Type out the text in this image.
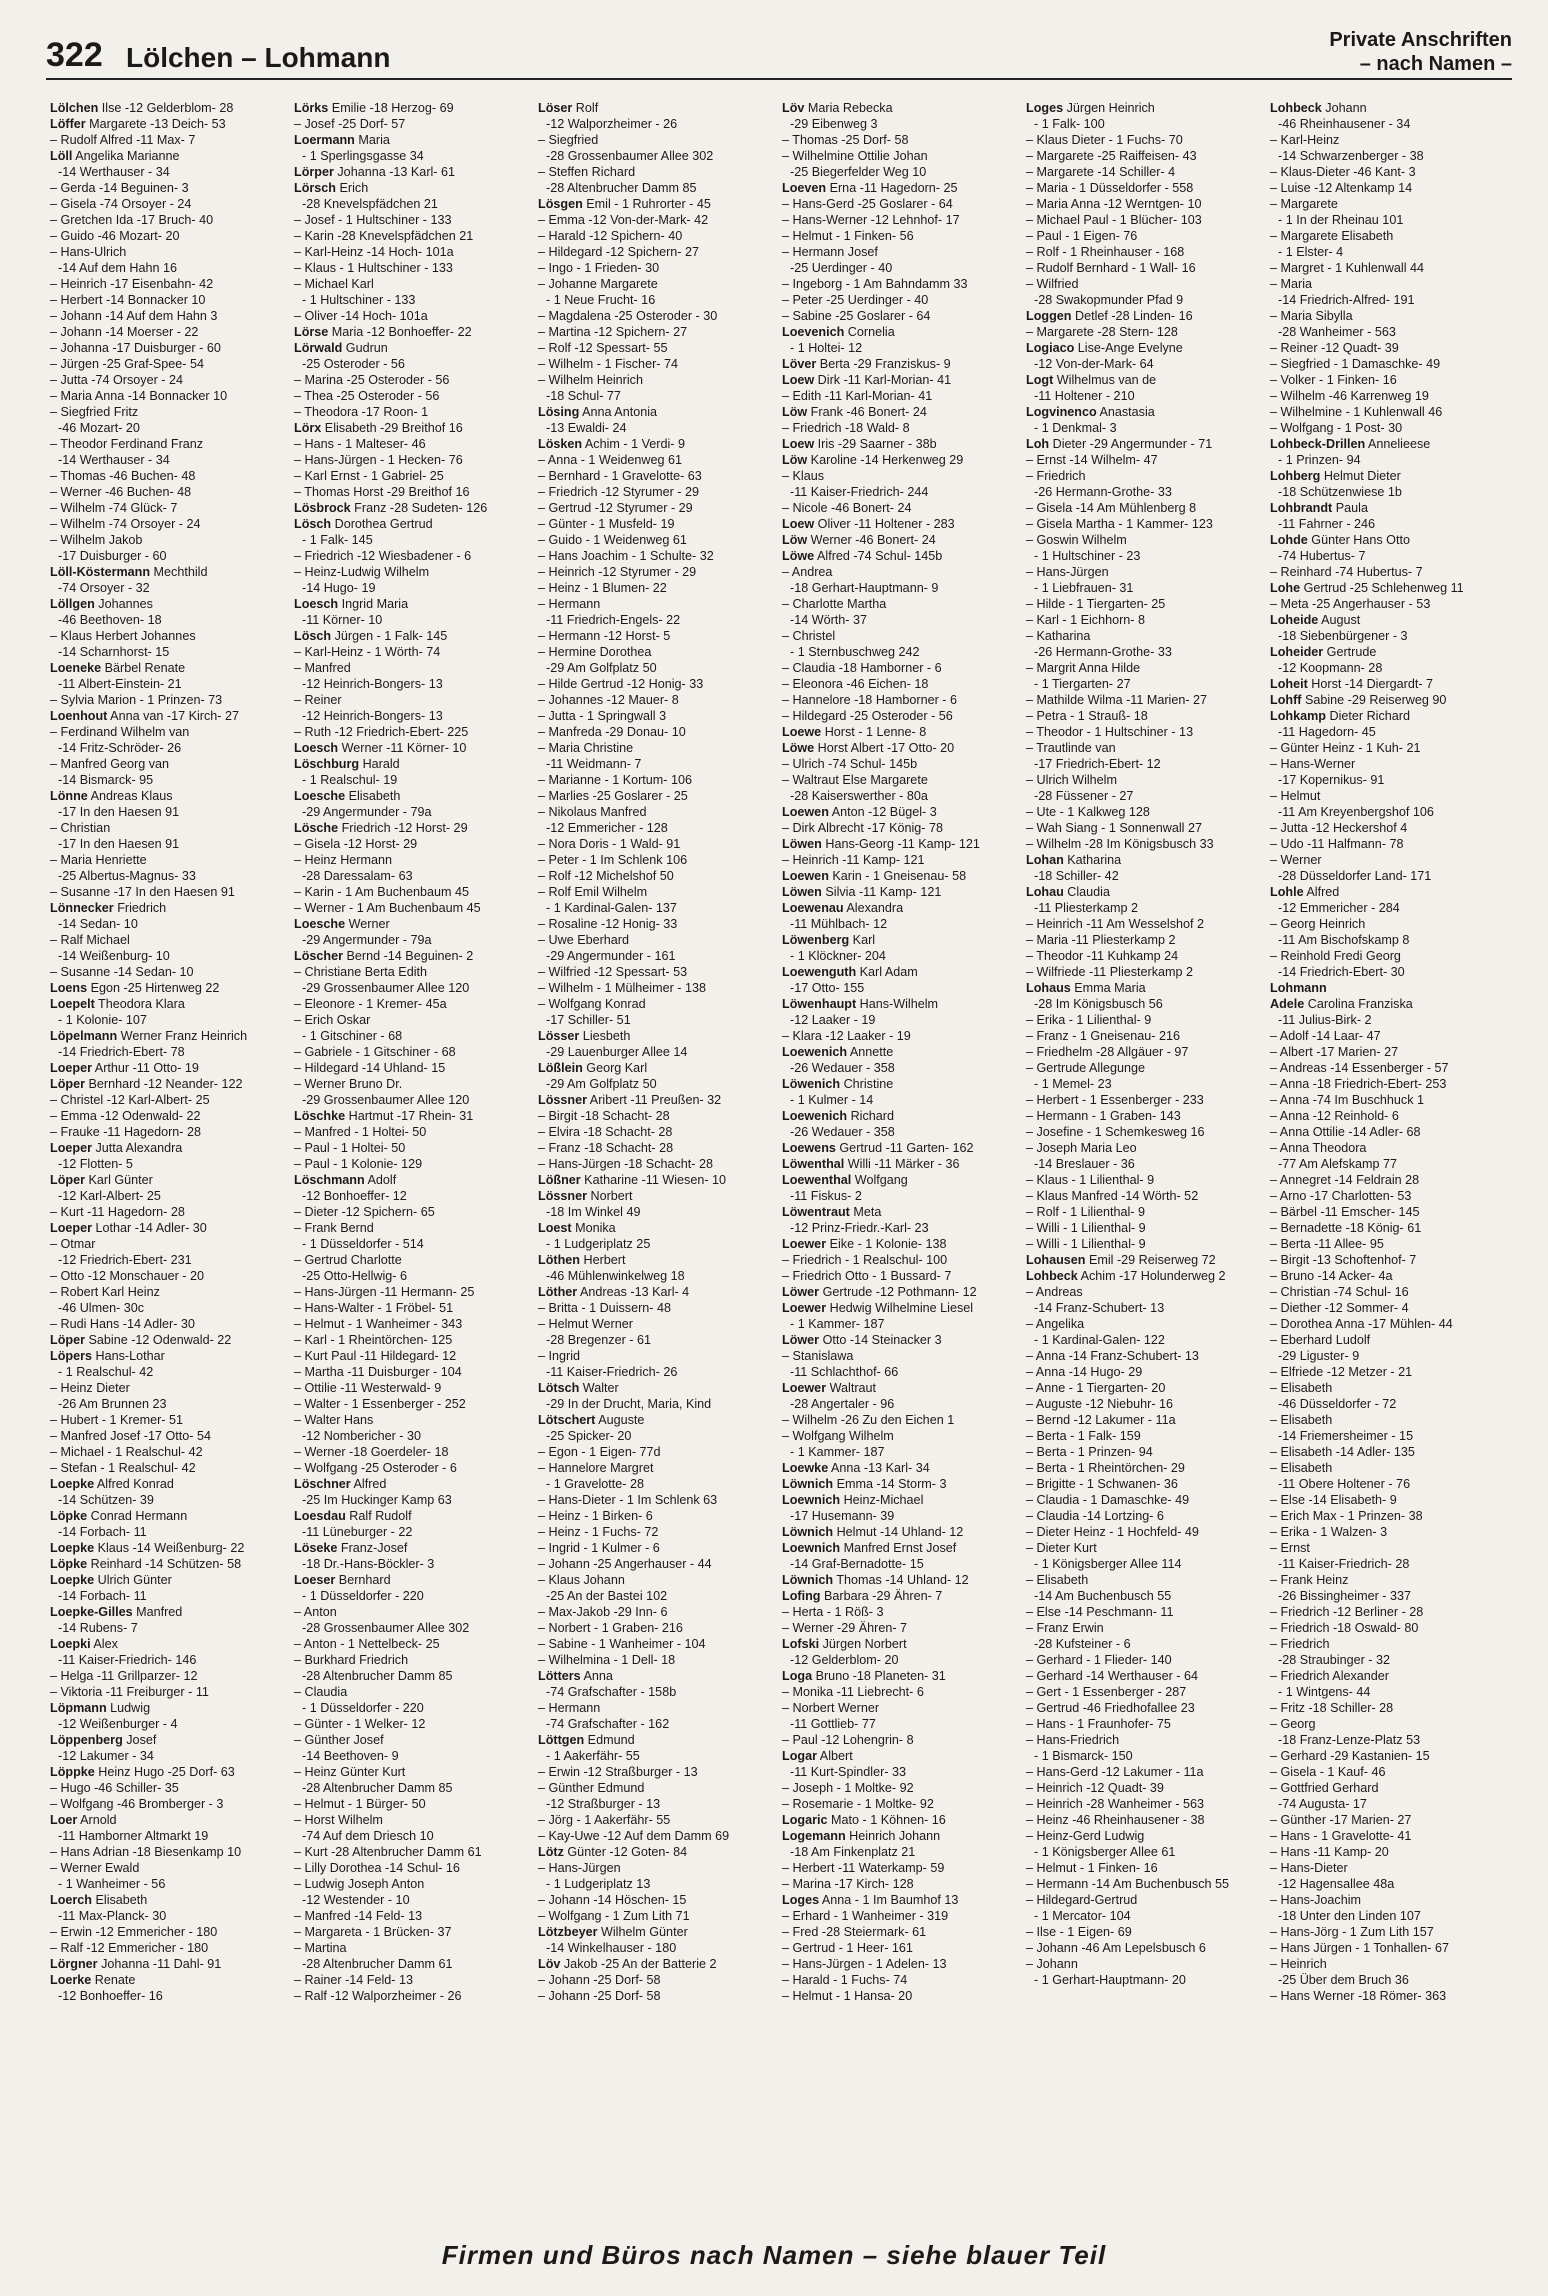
322 Lölchen – Lohmann
Private Anschriften
– nach Namen –
Lölchen Ilse -12 Gelderblom- 28
Löffer Margarete -13 Deich- 53
– Rudolf Alfred -11 Max- 7
Löll Angelika Marianne
-14 Werthauser - 34
– Gerda -14 Beguinen- 3
– Gisela -74 Orsoyer - 24
– Gretchen Ida -17 Bruch- 40
– Guido -46 Mozart- 20
– Hans-Ulrich
-14 Auf dem Hahn 16
– Heinrich -17 Eisenbahn- 42
– Herbert -14 Bonnacker 10
– Johann -14 Auf dem Hahn 3
– Johann -14 Moerser - 22
– Johanna -17 Duisburger - 60
– Jürgen -25 Graf-Spee- 54
– Jutta -74 Orsoyer - 24
– Maria Anna -14 Bonnacker 10
– Siegfried Fritz
-46 Mozart- 20
– Theodor Ferdinand Franz
-14 Werthauser - 34
– Thomas -46 Buchen- 48
– Werner -46 Buchen- 48
– Wilhelm -74 Glück- 7
– Wilhelm -74 Orsoyer - 24
– Wilhelm Jakob
-17 Duisburger - 60
Löll-Köstermann Mechthild
-74 Orsoyer - 32
Löllgen Johannes
-46 Beethoven- 18
– Klaus Herbert Johannes
-14 Scharnhorst- 15
Loeneke Bärbel Renate
-11 Albert-Einstein- 21
– Sylvia Marion - 1 Prinzen- 73
Loenhout Anna van -17 Kirch- 27
– Ferdinand Wilhelm van
-14 Fritz-Schröder- 26
– Manfred Georg van
-14 Bismarck- 95
Lönne Andreas Klaus
-17 In den Haesen 91
– Christian
-17 In den Haesen 91
– Maria Henriette
-25 Albertus-Magnus- 33
– Susanne -17 In den Haesen 91
Lönnecker Friedrich
-14 Sedan- 10
– Ralf Michael
-14 Weißenburg- 10
– Susanne -14 Sedan- 10
Loens Egon -25 Hirtenweg 22
Loepelt Theodora Klara
- 1 Kolonie- 107
Löpelmann Werner Franz Heinrich
-14 Friedrich-Ebert- 78
Loeper Arthur -11 Otto- 19
Löper Bernhard -12 Neander- 122
– Christel -12 Karl-Albert- 25
– Emma -12 Odenwald- 22
– Frauke -11 Hagedorn- 28
Loeper Jutta Alexandra
-12 Flotten- 5
Löper Karl Günter
-12 Karl-Albert- 25
– Kurt -11 Hagedorn- 28
Loeper Lothar -14 Adler- 30
– Otmar
-12 Friedrich-Ebert- 231
– Otto -12 Monschauer - 20
– Robert Karl Heinz
-46 Ulmen- 30c
– Rudi Hans -14 Adler- 30
Löper Sabine -12 Odenwald- 22
Löpers Hans-Lothar
- 1 Realschul- 42
– Heinz Dieter
-26 Am Brunnen 23
– Hubert - 1 Kremer- 51
– Manfred Josef -17 Otto- 54
– Michael - 1 Realschul- 42
– Stefan - 1 Realschul- 42
Loepke Alfred Konrad
-14 Schützen- 39
Löpke Conrad Hermann
-14 Forbach- 11
Loepke Klaus -14 Weißenburg- 22
Löpke Reinhard -14 Schützen- 58
Loepke Ulrich Günter
-14 Forbach- 11
Loepke-Gilles Manfred
-14 Rubens- 7
Loepki Alex
-11 Kaiser-Friedrich- 146
– Helga -11 Grillparzer- 12
– Viktoria -11 Freiburger - 11
Löpmann Ludwig
-12 Weißenburger - 4
Löppenberg Josef
-12 Lakumer - 34
Löppke Heinz Hugo -25 Dorf- 63
– Hugo -46 Schiller- 35
– Wolfgang -46 Bromberger - 3
Loer Arnold
-11 Hamborner Altmarkt 19
– Hans Adrian -18 Biesenkamp 10
– Werner Ewald
- 1 Wanheimer - 56
Loerch Elisabeth
-11 Max-Planck- 30
– Erwin -12 Emmericher - 180
– Ralf -12 Emmericher - 180
Lörgner Johanna -11 Dahl- 91
Loerke Renate
-12 Bonhoeffer- 16
Lörks Emilie -18 Herzog- 69
– Josef -25 Dorf- 57
Loermann Maria
- 1 Sperlingsgasse 34
Lörper Johanna -13 Karl- 61
Lörsch Erich
-28 Knevelspfädchen 21
– Josef - 1 Hultschiner - 133
– Karin -28 Knevelspfädchen 21
– Karl-Heinz -14 Hoch- 101a
– Klaus - 1 Hultschiner - 133
– Michael Karl
- 1 Hultschiner - 133
– Oliver -14 Hoch- 101a
Lörse Maria -12 Bonhoeffer- 22
Lörwald Gudrun
-25 Osteroder - 56
– Marina -25 Osteroder - 56
– Thea -25 Osteroder - 56
– Theodora -17 Roon- 1
Lörx Elisabeth -29 Breithof 16
– Hans - 1 Malteser- 46
– Hans-Jürgen - 1 Hecken- 76
– Karl Ernst - 1 Gabriel- 25
– Thomas Horst -29 Breithof 16
Lösbrock Franz -28 Sudeten- 126
Lösch Dorothea Gertrud
- 1 Falk- 145
– Friedrich -12 Wiesbadener - 6
– Heinz-Ludwig Wilhelm
-14 Hugo- 19
Loesch Ingrid Maria
-11 Körner- 10
Lösch Jürgen - 1 Falk- 145
– Karl-Heinz - 1 Wörth- 74
– Manfred
-12 Heinrich-Bongers- 13
– Reiner
-12 Heinrich-Bongers- 13
– Ruth -12 Friedrich-Ebert- 225
Loesch Werner -11 Körner- 10
Löschburg Harald
- 1 Realschul- 19
Loesche Elisabeth
-29 Angermunder - 79a
Lösche Friedrich -12 Horst- 29
– Gisela -12 Horst- 29
– Heinz Hermann
-28 Daressalam- 63
– Karin - 1 Am Buchenbaum 45
– Werner - 1 Am Buchenbaum 45
Loesche Werner
-29 Angermunder - 79a
Löscher Bernd -14 Beguinen- 2
– Christiane Berta Edith
-29 Grossenbaumer Allee 120
– Eleonore - 1 Kremer- 45a
– Erich Oskar
- 1 Gitschiner - 68
– Gabriele - 1 Gitschiner - 68
– Hildegard -14 Uhland- 15
– Werner Bruno Dr.
-29 Grossenbaumer Allee 120
Löschke Hartmut -17 Rhein- 31
– Manfred - 1 Holtei- 50
– Paul - 1 Holtei- 50
– Paul - 1 Kolonie- 129
Löschmann Adolf
-12 Bonhoeffer- 12
– Dieter -12 Spichern- 65
– Frank Bernd
- 1 Düsseldorfer - 514
– Gertrud Charlotte
-25 Otto-Hellwig- 6
– Hans-Jürgen -11 Hermann- 25
– Hans-Walter - 1 Fröbel- 51
– Helmut - 1 Wanheimer - 343
– Karl - 1 Rheintörchen- 125
– Kurt Paul -11 Hildegard- 12
– Martha -11 Duisburger - 104
– Ottilie -11 Westerwald- 9
– Walter - 1 Essenberger - 252
– Walter Hans
-12 Nombericher - 30
– Werner -18 Goerdeler- 18
– Wolfgang -25 Osteroder - 6
Löschner Alfred
-25 Im Huckinger Kamp 63
Loesdau Ralf Rudolf
-11 Lüneburger - 22
Löseke Franz-Josef
-18 Dr.-Hans-Böckler- 3
Loeser Bernhard
- 1 Düsseldorfer - 220
– Anton
-28 Grossenbaumer Allee 302
– Anton - 1 Nettelbeck- 25
– Burkhard Friedrich
-28 Altenbrucher Damm 85
– Claudia
- 1 Düsseldorfer - 220
– Günter - 1 Welker- 12
– Günther Josef
-14 Beethoven- 9
– Heinz Günter Kurt
-28 Altenbrucher Damm 85
– Helmut - 1 Bürger- 50
– Horst Wilhelm
-74 Auf dem Driesch 10
– Kurt -28 Altenbrucher Damm 61
– Lilly Dorothea -14 Schul- 16
– Ludwig Joseph Anton
-12 Westender - 10
– Manfred -14 Feld- 13
– Margareta - 1 Brücken- 37
– Martina
-28 Altenbrucher Damm 61
– Rainer -14 Feld- 13
– Ralf -12 Walporzheimer - 26
Löser Rolf
-12 Walporzheimer - 26
– Siegfried
-28 Grossenbaumer Allee 302
– Steffen Richard
-28 Altenbrucher Damm 85
Lösgen Emil - 1 Ruhrorter - 45
– Emma -12 Von-der-Mark- 42
– Harald -12 Spichern- 40
– Hildegard -12 Spichern- 27
– Ingo - 1 Frieden- 30
– Johanne Margarete
- 1 Neue Frucht- 16
– Magdalena -25 Osteroder - 30
– Martina -12 Spichern- 27
– Rolf -12 Spessart- 55
– Wilhelm - 1 Fischer- 74
– Wilhelm Heinrich
-18 Schul- 77
Lösing Anna Antonia
-13 Ewaldi- 24
Lösken Achim - 1 Verdi- 9
– Anna - 1 Weidenweg 61
– Bernhard - 1 Gravelotte- 63
– Friedrich -12 Styrumer - 29
– Gertrud -12 Styrumer - 29
– Günter - 1 Musfeld- 19
– Guido - 1 Weidenweg 61
– Hans Joachim - 1 Schulte- 32
– Heinrich -12 Styrumer - 29
– Heinz - 1 Blumen- 22
– Hermann
-11 Friedrich-Engels- 22
– Hermann -12 Horst- 5
– Hermine Dorothea
-29 Am Golfplatz 50
– Hilde Gertrud -12 Honig- 33
– Johannes -12 Mauer- 8
– Jutta - 1 Springwall 3
– Manfreda -29 Donau- 10
– Maria Christine
-11 Weidmann- 7
– Marianne - 1 Kortum- 106
– Marlies -25 Goslarer - 25
– Nikolaus Manfred
-12 Emmericher - 128
– Nora Doris - 1 Wald- 91
– Peter - 1 Im Schlenk 106
– Rolf -12 Michelshof 50
– Rolf Emil Wilhelm
- 1 Kardinal-Galen- 137
– Rosaline -12 Honig- 33
– Uwe Eberhard
-29 Angermunder - 161
– Wilfried -12 Spessart- 53
– Wilhelm - 1 Mülheimer - 138
– Wolfgang Konrad
-17 Schiller- 51
Lösser Liesbeth
-29 Lauenburger Allee 14
Lößlein Georg Karl
-29 Am Golfplatz 50
Lössner Aribert -11 Preußen- 32
– Birgit -18 Schacht- 28
– Elvira -18 Schacht- 28
– Franz -18 Schacht- 28
– Hans-Jürgen -18 Schacht- 28
Lößner Katharine -11 Wiesen- 10
Lössner Norbert
-18 Im Winkel 49
Loest Monika
- 1 Ludgeriplatz 25
Löthen Herbert
-46 Mühlenwinkelweg 18
Löther Andreas -13 Karl- 4
– Britta - 1 Duissern- 48
– Helmut Werner
-28 Bregenzer - 61
– Ingrid
-11 Kaiser-Friedrich- 26
Lötsch Walter
-29 In der Drucht, Maria, Kind
Lötschert Auguste
-25 Spicker- 20
– Egon - 1 Eigen- 77d
– Hannelore Margret
- 1 Gravelotte- 28
– Hans-Dieter - 1 Im Schlenk 63
– Heinz - 1 Birken- 6
– Heinz - 1 Fuchs- 72
– Ingrid - 1 Kulmer - 6
– Johann -25 Angerhauser - 44
– Klaus Johann
-25 An der Bastei 102
– Max-Jakob -29 Inn- 6
– Norbert - 1 Graben- 216
– Sabine - 1 Wanheimer - 104
– Wilhelmina - 1 Dell- 18
Lötters Anna
-74 Grafschafter - 158b
– Hermann
-74 Grafschafter - 162
Löttgen Edmund
- 1 Aakerfähr- 55
– Erwin -12 Straßburger - 13
– Günther Edmund
-12 Straßburger - 13
– Jörg - 1 Aakerfähr- 55
– Kay-Uwe -12 Auf dem Damm 69
Lötz Günter -12 Goten- 84
– Hans-Jürgen
- 1 Ludgeriplatz 13
– Johann -14 Höschen- 15
– Wolfgang - 1 Zum Lith 71
Lötzbeyer Wilhelm Günter
-14 Winkelhauser - 180
Löv Jakob -25 An der Batterie 2
– Johann -25 Dorf- 58
– Johann -25 Dorf- 58
Löv Maria Rebecka
-29 Eibenweg 3
– Thomas -25 Dorf- 58
– Wilhelmine Ottilie Johan
-25 Biegerfelder Weg 10
Loeven Erna -11 Hagedorn- 25
– Hans-Gerd -25 Goslarer - 64
– Hans-Werner -12 Lehnhof- 17
– Helmut - 1 Finken- 56
– Hermann Josef
-25 Uerdinger - 40
– Ingeborg - 1 Am Bahndamm 33
– Peter -25 Uerdinger - 40
– Sabine -25 Goslarer - 64
Loevenich Cornelia
- 1 Holtei- 12
Löver Berta -29 Franziskus- 9
Loew Dirk -11 Karl-Morian- 41
– Edith -11 Karl-Morian- 41
Löw Frank -46 Bonert- 24
– Friedrich -18 Wald- 8
Loew Iris -29 Saarner - 38b
Löw Karoline -14 Herkenweg 29
– Klaus
-11 Kaiser-Friedrich- 244
– Nicole -46 Bonert- 24
Loew Oliver -11 Holtener - 283
Löw Werner -46 Bonert- 24
Löwe Alfred -74 Schul- 145b
– Andrea
-18 Gerhart-Hauptmann- 9
– Charlotte Martha
-14 Wörth- 37
– Christel
- 1 Sternbuschweg 242
– Claudia -18 Hamborner - 6
– Eleonora -46 Eichen- 18
– Hannelore -18 Hamborner - 6
– Hildegard -25 Osteroder - 56
Loewe Horst - 1 Lenne- 8
Löwe Horst Albert -17 Otto- 20
– Ulrich -74 Schul- 145b
– Waltraut Else Margarete
-28 Kaiserswerther - 80a
Loewen Anton -12 Bügel- 3
– Dirk Albrecht -17 König- 78
Löwen Hans-Georg -11 Kamp- 121
– Heinrich -11 Kamp- 121
Loewen Karin - 1 Gneisenau- 58
Löwen Silvia -11 Kamp- 121
Loewenau Alexandra
-11 Mühlbach- 12
Löwenberg Karl
- 1 Klöckner- 204
Loewenguth Karl Adam
-17 Otto- 155
Löwenhaupt Hans-Wilhelm
-12 Laaker - 19
– Klara -12 Laaker - 19
Loewenich Annette
-26 Wedauer - 358
Löwenich Christine
- 1 Kulmer - 14
Loewenich Richard
-26 Wedauer - 358
Loewens Gertrud -11 Garten- 162
Löwenthal Willi -11 Märker - 36
Loewenthal Wolfgang
-11 Fiskus- 2
Löwentraut Meta
-12 Prinz-Friedr.-Karl- 23
Loewer Eike - 1 Kolonie- 138
– Friedrich - 1 Realschul- 100
– Friedrich Otto - 1 Bussard- 7
Löwer Gertrude -12 Pothmann- 12
Loewer Hedwig Wilhelmine Liesel
- 1 Kammer- 187
Löwer Otto -14 Steinacker 3
– Stanislawa
-11 Schlachthof- 66
Loewer Waltraut
-28 Angertaler - 96
– Wilhelm -26 Zu den Eichen 1
– Wolfgang Wilhelm
- 1 Kammer- 187
Loewke Anna -13 Karl- 34
Löwnich Emma -14 Storm- 3
Loewnich Heinz-Michael
-17 Husemann- 39
Löwnich Helmut -14 Uhland- 12
Loewnich Manfred Ernst Josef
-14 Graf-Bernadotte- 15
Löwnich Thomas -14 Uhland- 12
Lofing Barbara -29 Ähren- 7
– Herta - 1 Röß- 3
– Werner -29 Ähren- 7
Lofski Jürgen Norbert
-12 Gelderblom- 20
Loga Bruno -18 Planeten- 31
– Monika -11 Liebrecht- 6
– Norbert Werner
-11 Gottlieb- 77
– Paul -12 Lohengrin- 8
Logar Albert
-11 Kurt-Spindler- 33
– Joseph - 1 Moltke- 92
– Rosemarie - 1 Moltke- 92
Logaric Mato - 1 Köhnen- 16
Logemann Heinrich Johann
-18 Am Finkenplatz 21
– Herbert -11 Waterkamp- 59
– Marina -17 Kirch- 128
Loges Anna - 1 Im Baumhof 13
– Erhard - 1 Wanheimer - 319
– Fred -28 Steiermark- 61
– Gertrud - 1 Heer- 161
– Hans-Jürgen - 1 Adelen- 13
– Harald - 1 Fuchs- 74
– Helmut - 1 Hansa- 20
Loges Jürgen Heinrich
- 1 Falk- 100
– Klaus Dieter - 1 Fuchs- 70
– Margarete -25 Raiffeisen- 43
– Margarete -14 Schiller- 4
– Maria - 1 Düsseldorfer - 558
– Maria Anna -12 Werntgen- 10
– Michael Paul - 1 Blücher- 103
– Paul - 1 Eigen- 76
– Rolf - 1 Rheinhauser - 168
– Rudolf Bernhard - 1 Wall- 16
– Wilfried
-28 Swakopmunder Pfad 9
Loggen Detlef -28 Linden- 16
– Margarete -28 Stern- 128
Logiaco Lise-Ange Evelyne
-12 Von-der-Mark- 64
Logt Wilhelmus van de
-11 Holtener - 210
Logvinenco Anastasia
- 1 Denkmal- 3
Loh Dieter -29 Angermunder - 71
– Ernst -14 Wilhelm- 47
– Friedrich
-26 Hermann-Grothe- 33
– Gisela -14 Am Mühlenberg 8
– Gisela Martha - 1 Kammer- 123
– Goswin Wilhelm
- 1 Hultschiner - 23
– Hans-Jürgen
- 1 Liebfrauen- 31
– Hilde - 1 Tiergarten- 25
– Karl - 1 Eichhorn- 8
– Katharina
-26 Hermann-Grothe- 33
– Margrit Anna Hilde
- 1 Tiergarten- 27
– Mathilde Wilma -11 Marien- 27
– Petra - 1 Strauß- 18
– Theodor - 1 Hultschiner - 13
– Trautlinde van
-17 Friedrich-Ebert- 12
– Ulrich Wilhelm
-28 Füssener - 27
– Ute - 1 Kalkweg 128
– Wah Siang - 1 Sonnenwall 27
– Wilhelm -28 Im Königsbusch 33
Lohan Katharina
-18 Schiller- 42
Lohau Claudia
-11 Pliesterkamp 2
– Heinrich -11 Am Wesselshof 2
– Maria -11 Pliesterkamp 2
– Theodor -11 Kuhkamp 24
– Wilfriede -11 Pliesterkamp 2
Lohaus Emma Maria
-28 Im Königsbusch 56
– Erika - 1 Lilienthal- 9
– Franz - 1 Gneisenau- 216
– Friedhelm -28 Allgäuer - 97
– Gertrude Allegunge
- 1 Memel- 23
– Herbert - 1 Essenberger - 233
– Hermann - 1 Graben- 143
– Josefine - 1 Schemkesweg 16
– Joseph Maria Leo
-14 Breslauer - 36
– Klaus - 1 Lilienthal- 9
– Klaus Manfred -14 Wörth- 52
– Rolf - 1 Lilienthal- 9
– Willi - 1 Lilienthal- 9
– Willi - 1 Lilienthal- 9
Lohausen Emil -29 Reiserweg 72
Lohbeck Achim -17 Holunderweg 2
– Andreas
-14 Franz-Schubert- 13
– Angelika
- 1 Kardinal-Galen- 122
– Anna -14 Franz-Schubert- 13
– Anna -14 Hugo- 29
– Anne - 1 Tiergarten- 20
– Auguste -12 Niebuhr- 16
– Bernd -12 Lakumer - 11a
– Berta - 1 Falk- 159
– Berta - 1 Prinzen- 94
– Berta - 1 Rheintörchen- 29
– Brigitte - 1 Schwanen- 36
– Claudia - 1 Damaschke- 49
– Claudia -14 Lortzing- 6
– Dieter Heinz - 1 Hochfeld- 49
– Dieter Kurt
- 1 Königsberger Allee 114
– Elisabeth
-14 Am Buchenbusch 55
– Else -14 Peschmann- 11
– Franz Erwin
-28 Kufsteiner - 6
– Gerhard - 1 Flieder- 140
– Gerhard -14 Werthauser - 64
– Gert - 1 Essenberger - 287
– Gertrud -46 Friedhofallee 23
– Hans - 1 Fraunhofer- 75
– Hans-Friedrich
- 1 Bismarck- 150
– Hans-Gerd -12 Lakumer - 11a
– Heinrich -12 Quadt- 39
– Heinrich -28 Wanheimer - 563
– Heinz -46 Rheinhausener - 38
– Heinz-Gerd Ludwig
- 1 Königsberger Allee 61
– Helmut - 1 Finken- 16
– Hermann -14 Am Buchenbusch 55
– Hildegard-Gertrud
- 1 Mercator- 104
– Ilse - 1 Eigen- 69
– Johann -46 Am Lepelsbusch 6
– Johann
- 1 Gerhart-Hauptmann- 20
Lohbeck Johann
-46 Rheinhausener - 34
– Karl-Heinz
-14 Schwarzenberger - 38
– Klaus-Dieter -46 Kant- 3
– Luise -12 Altenkamp 14
– Margarete
- 1 In der Rheinau 101
– Margarete Elisabeth
- 1 Elster- 4
– Margret - 1 Kuhlenwall 44
– Maria
-14 Friedrich-Alfred- 191
– Maria Sibylla
-28 Wanheimer - 563
– Reiner -12 Quadt- 39
– Siegfried - 1 Damaschke- 49
– Volker - 1 Finken- 16
– Wilhelm -46 Karrenweg 19
– Wilhelmine - 1 Kuhlenwall 46
– Wolfgang - 1 Post- 30
Lohbeck-Drillen Annelieese
- 1 Prinzen- 94
Lohberg Helmut Dieter
-18 Schützenwiese 1b
Lohbrandt Paula
-11 Fahrner - 246
Lohde Günter Hans Otto
-74 Hubertus- 7
– Reinhard -74 Hubertus- 7
Lohe Gertrud -25 Schlehenweg 11
– Meta -25 Angerhauser - 53
Loheide August
-18 Siebenbürgener - 3
Loheider Gertrude
-12 Koopmann- 28
Loheit Horst -14 Diergardt- 7
Lohff Sabine -29 Reiserweg 90
Lohkamp Dieter Richard
-11 Hagedorn- 45
– Günter Heinz - 1 Kuh- 21
– Hans-Werner
-17 Kopernikus- 91
– Helmut
-11 Am Kreyenbergshof 106
– Jutta -12 Heckershof 4
– Udo -11 Halfmann- 78
– Werner
-28 Düsseldorfer Land- 171
Lohle Alfred
-12 Emmericher - 284
– Georg Heinrich
-11 Am Bischofskamp 8
– Reinhold Fredi Georg
-14 Friedrich-Ebert- 30
Lohmann
Adele Carolina Franziska
-11 Julius-Birk- 2
– Adolf -14 Laar- 47
– Albert -17 Marien- 27
– Andreas -14 Essenberger - 57
– Anna -18 Friedrich-Ebert- 253
– Anna -74 Im Buschhuck 1
– Anna -12 Reinhold- 6
– Anna Ottilie -14 Adler- 68
– Anna Theodora
-77 Am Alefskamp 77
– Annegret -14 Feldrain 28
– Arno -17 Charlotten- 53
– Bärbel -11 Emscher- 145
– Bernadette -18 König- 61
– Berta -11 Allee- 95
– Birgit -13 Schoftenhof- 7
– Bruno -14 Acker- 4a
– Christian -74 Schul- 16
– Diether -12 Sommer- 4
– Dorothea Anna -17 Mühlen- 44
– Eberhard Ludolf
-29 Liguster- 9
– Elfriede -12 Metzer - 21
– Elisabeth
-46 Düsseldorfer - 72
– Elisabeth
-14 Friemersheimer - 15
– Elisabeth -14 Adler- 135
– Elisabeth
-11 Obere Holtener - 76
– Else -14 Elisabeth- 9
– Erich Max - 1 Prinzen- 38
– Erika - 1 Walzen- 3
– Ernst
-11 Kaiser-Friedrich- 28
– Frank Heinz
-26 Bissingheimer - 337
– Friedrich -12 Berliner - 28
– Friedrich -18 Oswald- 80
– Friedrich
-28 Straubinger - 32
– Friedrich Alexander
- 1 Wintgens- 44
– Fritz -18 Schiller- 28
– Georg
-18 Franz-Lenze-Platz 53
– Gerhard -29 Kastanien- 15
– Gisela - 1 Kauf- 46
– Gottfried Gerhard
-74 Augusta- 17
– Günther -17 Marien- 27
– Hans - 1 Gravelotte- 41
– Hans -11 Kamp- 20
– Hans-Dieter
-12 Hagensallee 48a
– Hans-Joachim
-18 Unter den Linden 107
– Hans-Jörg - 1 Zum Lith 157
– Hans Jürgen - 1 Tonhallen- 67
– Heinrich
-25 Über dem Bruch 36
– Hans Werner -18 Römer- 363
Firmen und Büros nach Namen – siehe blauer Teil
